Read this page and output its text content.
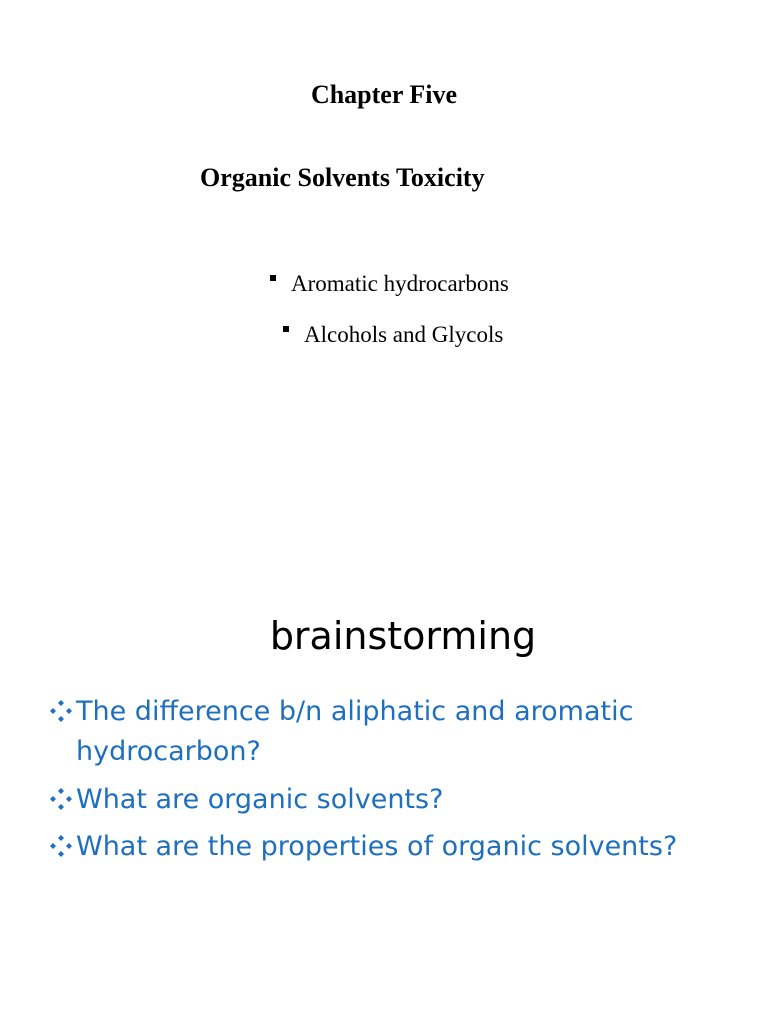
Chapter Five
Organic Solvents Toxicity
Aromatic hydrocarbons
Alcohols and Glycols
brainstorming
The difference b/n aliphatic and aromatic hydrocarbon?
What are organic solvents?
What are the properties of organic solvents?
